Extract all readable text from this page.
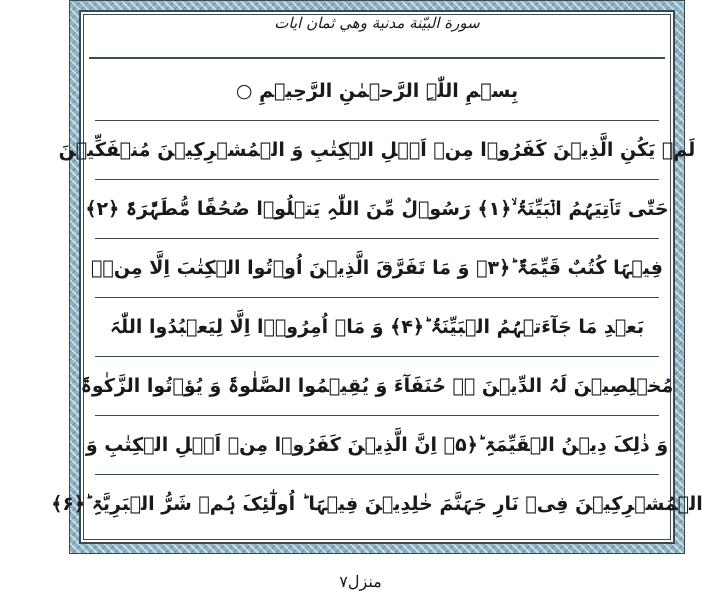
سورة البيّنة مدنية وهي ثمان ايات
بِسۡمِ اللّٰہِ الرَّحۡمٰنِ الرَّحِیۡمِ ○
لَمۡ یَکُنِ الَّذِیۡنَ کَفَرُوۡا مِنۡ اَہۡلِ الۡکِتٰبِ وَ الۡمُشۡرِکِیۡنَ مُنۡفَکِّیۡنَ
حَتّٰی تَاۡتِیَہُمُ الۡبَیِّنَۃُ ۙ﴿۱﴾ رَسُوۡلٌ مِّنَ اللّٰہِ یَتۡلُوۡا صُحُفًا مُّطَہَّرَۃً ﴿۲﴾
فِیۡہَا کُتُبٌ قَیِّمَۃٌ ؕ﴿۳﴾ وَ مَا تَفَرَّقَ الَّذِیۡنَ اُوۡتُوا الۡکِتٰبَ اِلَّا مِنۡۢ
بَعۡدِ مَا جَآءَتۡہُمُ الۡبَیِّنَۃُ ؕ﴿۴﴾ وَ مَاۤ اُمِرُوۡۤا اِلَّا لِیَعۡبُدُوا اللّٰہَ
مُخۡلِصِیۡنَ لَہُ الدِّیۡنَ ۬ۙ حُنَفَآءَ وَ یُقِیۡمُوا الصَّلٰوۃَ وَ یُؤۡتُوا الزَّکٰوۃَ
وَ ذٰلِکَ دِیۡنُ الۡقَیِّمَۃِ ؕ﴿۵﴾ اِنَّ الَّذِیۡنَ کَفَرُوۡا مِنۡ اَہۡلِ الۡکِتٰبِ وَ
الۡمُشۡرِکِیۡنَ فِیۡ نَارِ جَہَنَّمَ خٰلِدِیۡنَ فِیۡہَا ؕ اُولٰٓئِکَ ہُمۡ شَرُّ الۡبَرِیَّۃِ ؕ﴿۶﴾
منزل۷
